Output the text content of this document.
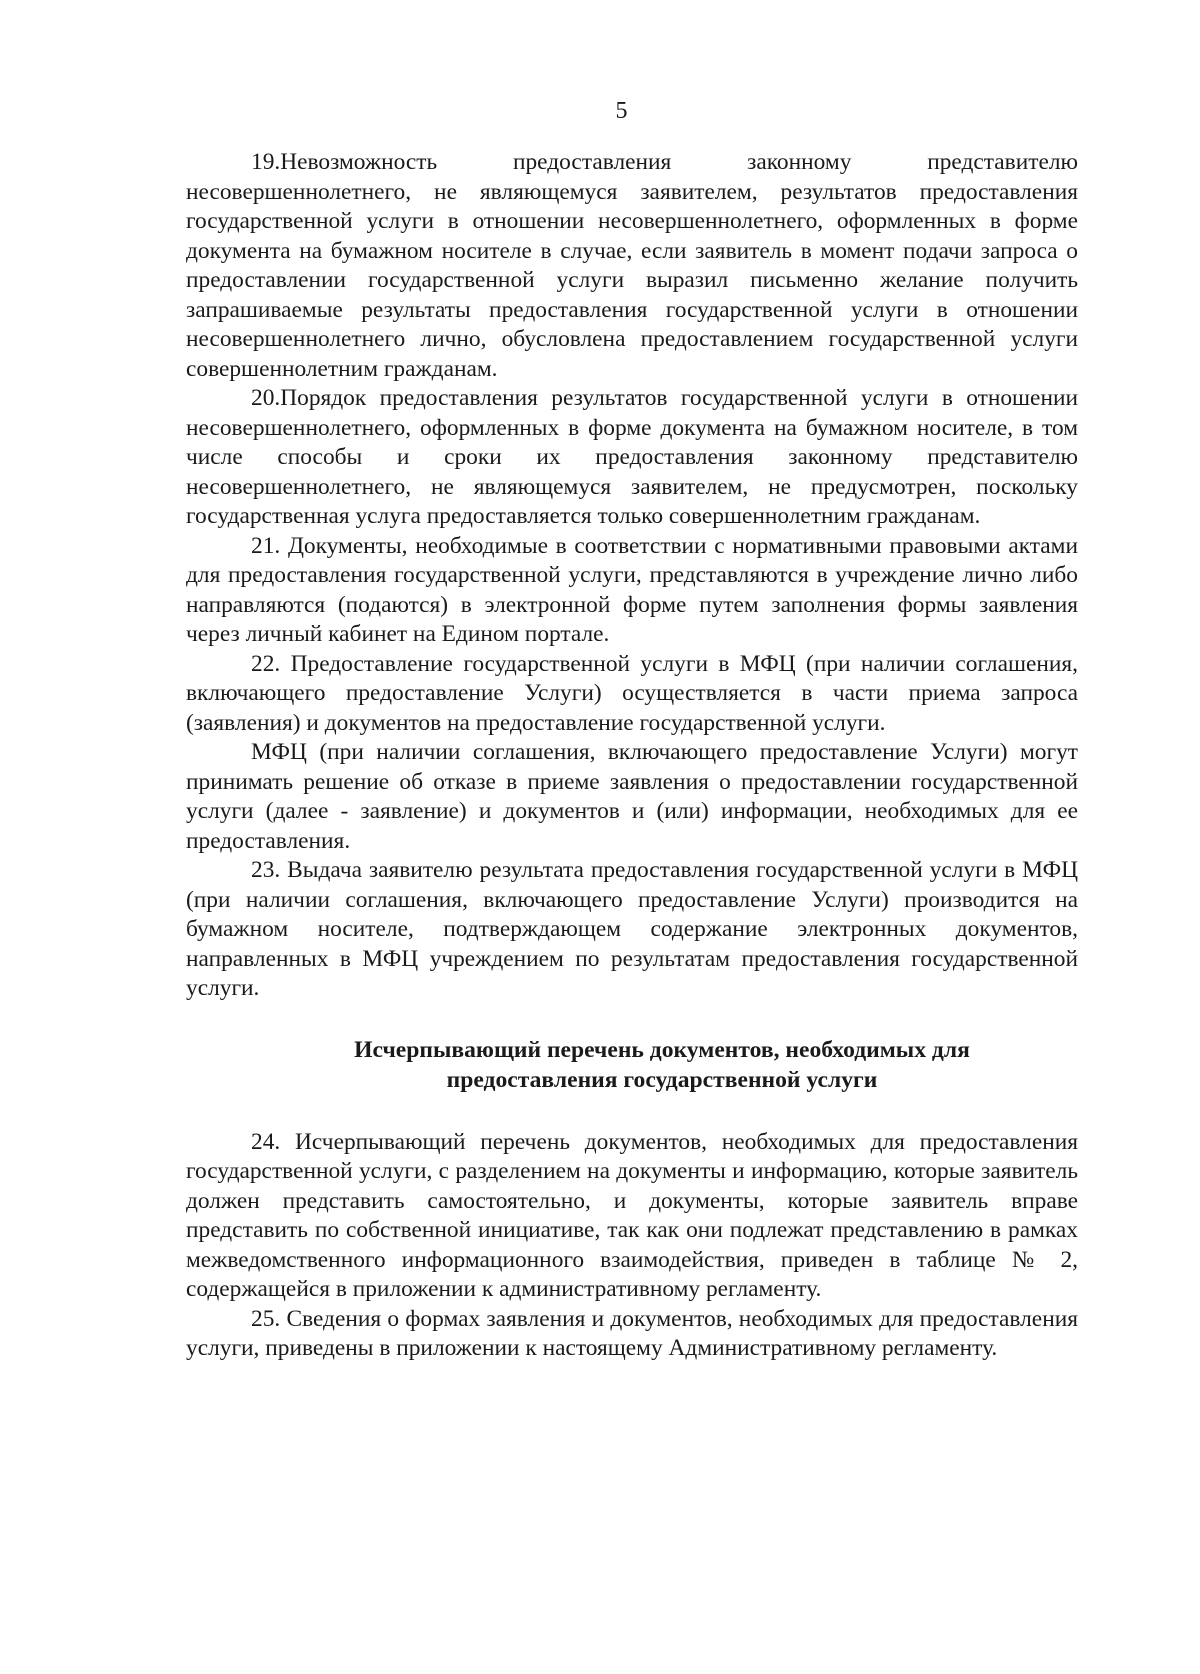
5

19.Невозможность предоставления законному представителю несовершеннолетнего, не являющемуся заявителем, результатов предоставления государственной услуги в отношении несовершеннолетнего, оформленных в форме документа на бумажном носителе в случае, если заявитель в момент подачи запроса о предоставлении государственной услуги выразил письменно желание получить запрашиваемые результаты предоставления государственной услуги в отношении несовершеннолетнего лично, обусловлена предоставлением государственной услуги совершеннолетним гражданам.

20.Порядок предоставления результатов государственной услуги в отношении несовершеннолетнего, оформленных в форме документа на бумажном носителе, в том числе способы и сроки их предоставления законному представителю несовершеннолетнего, не являющемуся заявителем, не предусмотрен, поскольку государственная услуга предоставляется только совершеннолетним гражданам.

21. Документы, необходимые в соответствии с нормативными правовыми актами для предоставления государственной услуги, представляются в учреждение лично либо направляются (подаются) в электронной форме путем заполнения формы заявления через личный кабинет на Едином портале.

22. Предоставление государственной услуги в МФЦ (при наличии соглашения, включающего предоставление Услуги) осуществляется в части приема запроса (заявления) и документов на предоставление государственной услуги.

МФЦ (при наличии соглашения, включающего предоставление Услуги) могут принимать решение об отказе в приеме заявления о предоставлении государственной услуги (далее - заявление) и документов и (или) информации, необходимых для ее предоставления.

23. Выдача заявителю результата предоставления государственной услуги в МФЦ (при наличии соглашения, включающего предоставление Услуги) производится на бумажном носителе, подтверждающем содержание электронных документов, направленных в МФЦ учреждением по результатам предоставления государственной услуги.

Исчерпывающий перечень документов, необходимых для
предоставления государственной услуги

24. Исчерпывающий перечень документов, необходимых для предоставления государственной услуги, с разделением на документы и информацию, которые заявитель должен представить самостоятельно, и документы, которые заявитель вправе представить по собственной инициативе, так как они подлежат представлению в рамках межведомственного информационного взаимодействия, приведен в таблице № 2, содержащейся в приложении к административному регламенту.

25. Сведения о формах заявления и документов, необходимых для предоставления услуги, приведены в приложении к настоящему Административному регламенту.
